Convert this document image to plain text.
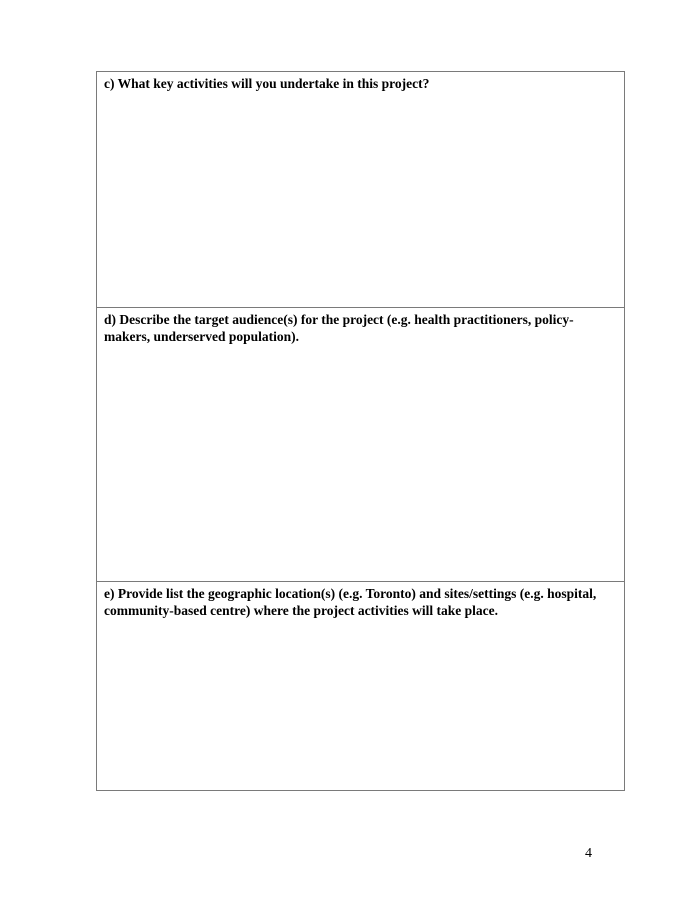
c) What key activities will you undertake in this project?

d) Describe the target audience(s) for the project (e.g. health practitioners, policy-makers, underserved population).

e) Provide list the geographic location(s) (e.g. Toronto) and sites/settings (e.g. hospital, community-based centre) where the project activities will take place.

4
